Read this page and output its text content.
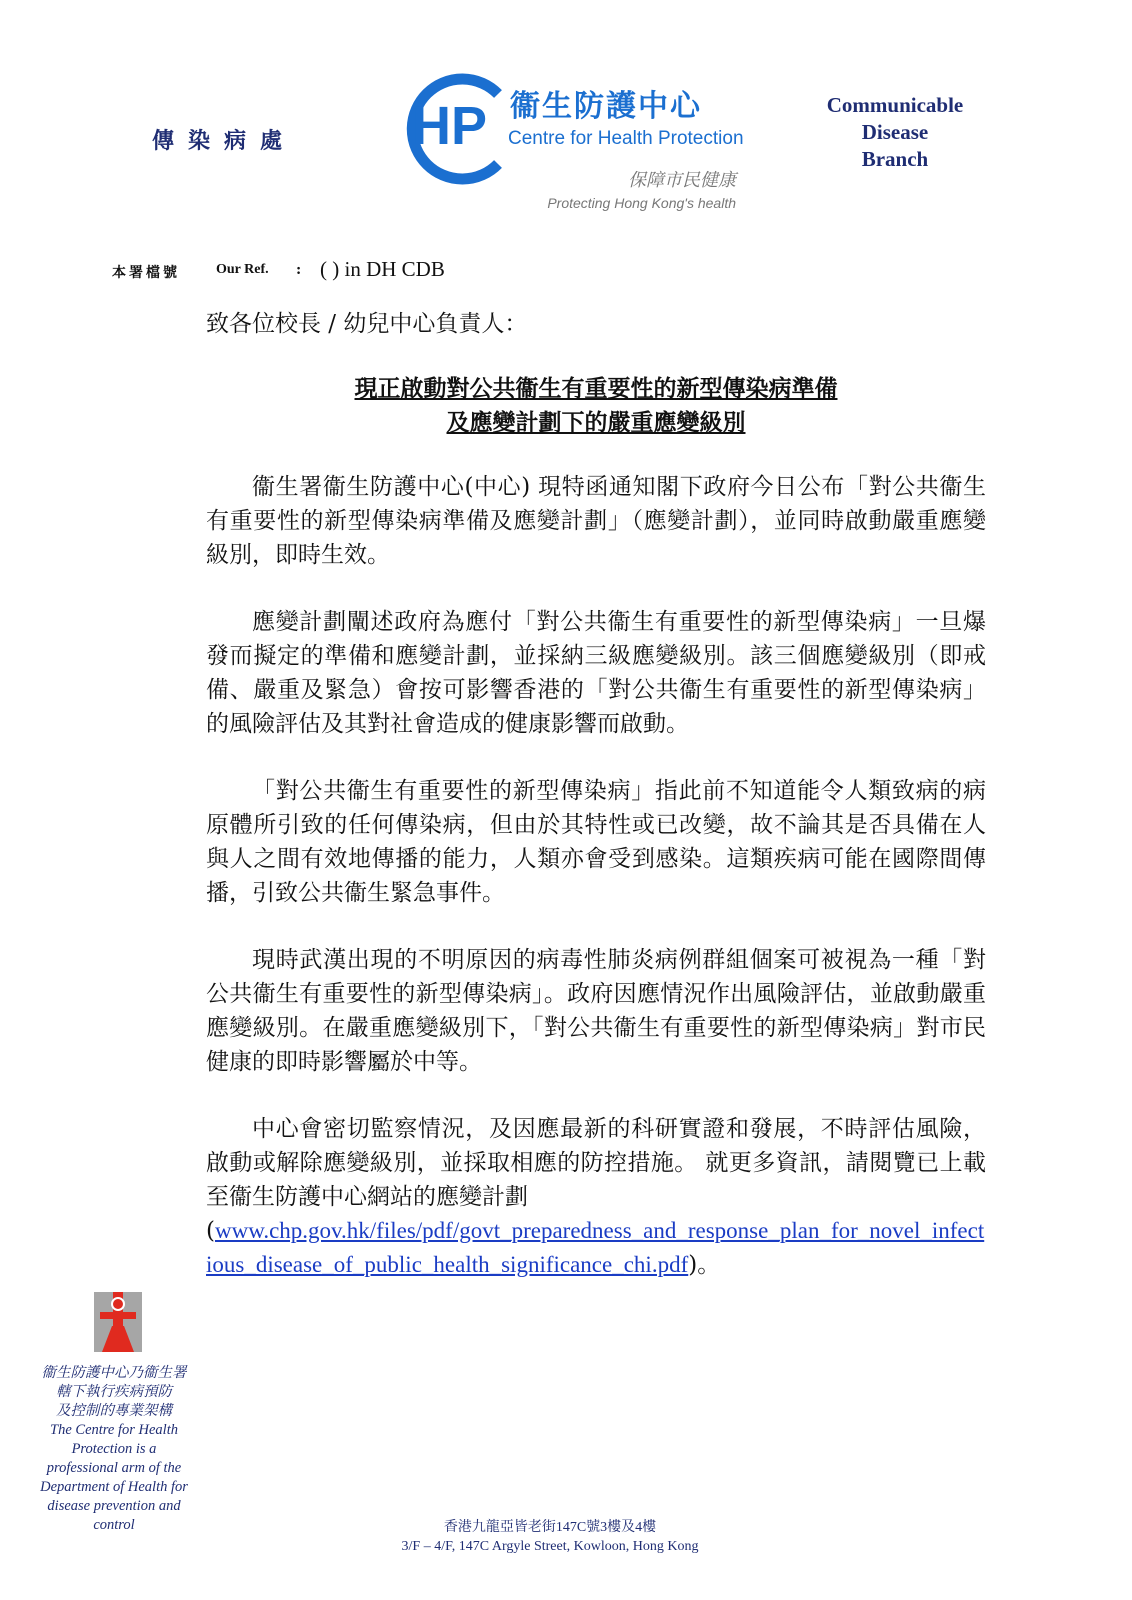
傳染病處 HP 衞生防護中心
Centre for Health Protection
保障市民健康
Protecting Hong Kong's health
Communicable
Disease
Branch
本署檔號	Our Ref. : ( ) in DH CDB
致各位校長 / 幼兒中心負責人：
現正啟動對公共衞生有重要性的新型傳染病準備
及應變計劃下的嚴重應變級別

衞生署衞生防護中心(中心) 現特函通知閣下政府今日公布「對公共衞生有重要性的新型傳染病準備及應變計劃」（應變計劃），並同時啟動嚴重應變級別，即時生效。

應變計劃闡述政府為應付「對公共衞生有重要性的新型傳染病」一旦爆發而擬定的準備和應變計劃，並採納三級應變級別。該三個應變級別（即戒備、嚴重及緊急）會按可影響香港的「對公共衞生有重要性的新型傳染病」的風險評估及其對社會造成的健康影響而啟動。

「對公共衞生有重要性的新型傳染病」指此前不知道能令人類致病的病原體所引致的任何傳染病，但由於其特性或已改變，故不論其是否具備在人與人之間有效地傳播的能力，人類亦會受到感染。這類疾病可能在國際間傳播，引致公共衞生緊急事件。

現時武漢出現的不明原因的病毒性肺炎病例群組個案可被視為一種「對公共衞生有重要性的新型傳染病」。政府因應情況作出風險評估，並啟動嚴重應變級別。在嚴重應變級別下，「對公共衞生有重要性的新型傳染病」對市民健康的即時影響屬於中等。

中心會密切監察情況，及因應最新的科研實證和發展，不時評估風險，啟動或解除應變級別，並採取相應的防控措施。 就更多資訊，請閱覽已上載至衞生防護中心網站的應變計劃
(www.chp.gov.hk/files/pdf/govt_preparedness_and_response_plan_for_novel_infectious_disease_of_public_health_significance_chi.pdf)。

衞生防護中心乃衞生署
轄下執行疾病預防
及控制的專業架構
The Centre for Health
Protection is a
professional arm of the
Department of Health for
disease prevention and
control	香港九龍亞皆老街147C號3樓及4樓
3/F – 4/F, 147C Argyle Street, Kowloon, Hong Kong
